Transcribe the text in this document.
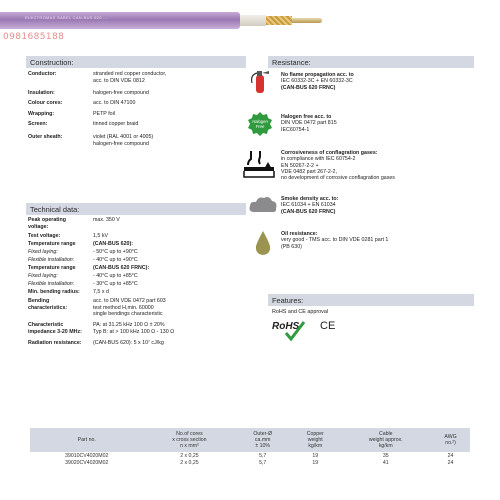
ELECTROMAS SABEL CAN-BUS 620 ...
0981685188
Construction:
Conductor:	stranded red copper conductor,
acc. to DIN VDE 0812
Insulation:	halogen-free compound
Colour cores:	acc. to DIN 47100
Wrapping:	PETP foil
Screen:	tinned copper braid
Outer sheath:	violet (RAL 4001 or 4005)
halogen-free compound
Technical data:
Peak operating
voltage:
max. 350 V
Test voltage:	1,5 kV
Temperature range	(CAN-BUS 620):
Fixed laying:	- 50°C up to +90°C
Flexible installation:	- 40°C up to +90°C
Temperature range	(CAN-BUS 620 FRNC):
Fixed laying:	- 40°C up to +85°C
Flexible installation:	- 30°C up to +85°C
Min. bending radius:	7,5 x d
Bending
characteristics:
acc. to DIN VDE 0472 part 603
test method H,min. 60000
single bendings characteristic
Characteristic
impedance 3-20 MHz:
PA: at 31.25 kHz 100 Ω ± 20%
Typ B: at > 100 kHz 100 Ω - 130 Ω
Radiation resistance:	(CAN-BUS 620): 5 x 10⁷ cJ/kg
Resistance:
Halogen
Free
No flame propagation acc. to
IEC 60332-3C + EN 60332-3C
(CAN-BUS 620 FRNC)
Halogen free acc. to
DIN VDE 0472 part 815
IEC60754-1
Corrosiveness of conflagration gases:
in compliance with IEC 60754-2
EN 50267-2-2 +
VDE 0482 part 267-2-2,
no development of corrosive conflagration gases
Smoke density acc. to:
IEC 61034 + EN 61034
(CAN-BUS 620 FRNC)
Oil resistance:
very good - TMS acc. to DIN VDE 0281 part 1
(PB 630)
Features:
RoHS and CE approval
RoHS CE
Part no.	No.of cores
x cross section
n x mm²	Outer-Ø
ca.mm
± 10%	Copper
weight
kg/km	Cable
weight approx.
kg/km	AWG
no.²)
39010CV4020M02	2 x 0,25	5,7	19	35	24
39020CV4020M02	2 x 0,25	5,7	19	41	24
